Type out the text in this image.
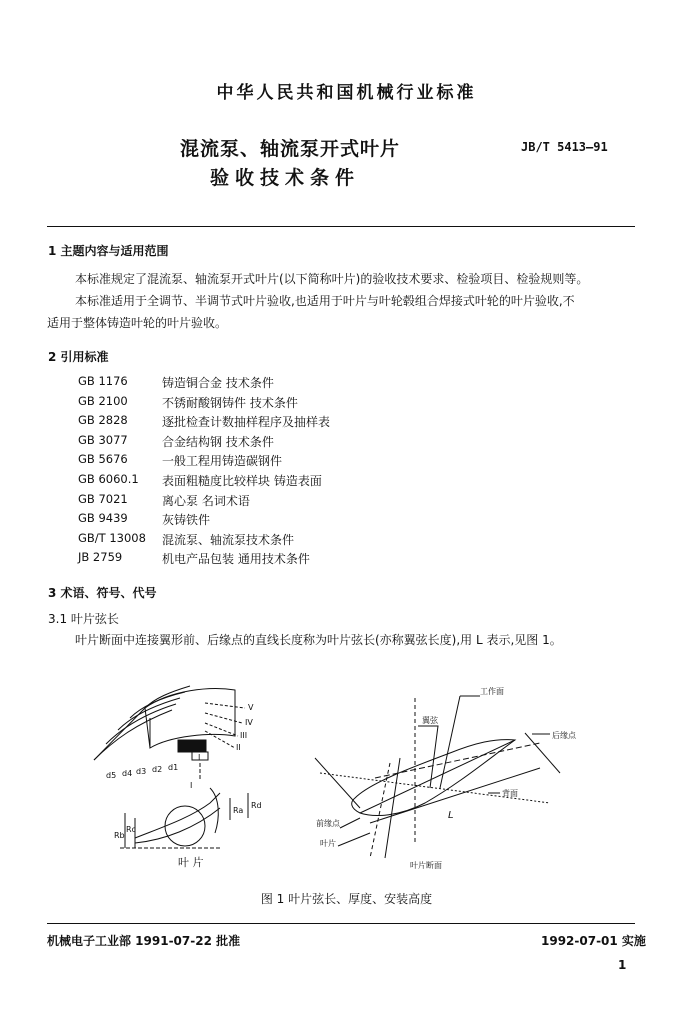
中华人民共和国机械行业标准
混流泵、轴流泵开式叶片
验收技术条件
JB/T 5413—91
1 主题内容与适用范围
本标准规定了混流泵、轴流泵开式叶片(以下简称叶片)的验收技术要求、检验项目、检验规则等。
本标准适用于全调节、半调节式叶片验收,也适用于叶片与叶轮毂组合焊接式叶轮的叶片验收,不
适用于整体铸造叶轮的叶片验收。
2 引用标准
GB 1176	铸造铜合金 技术条件
GB 2100	不锈耐酸钢铸件 技术条件
GB 2828	逐批检查计数抽样程序及抽样表
GB 3077	合金结构钢 技术条件
GB 5676	一般工程用铸造碳钢件
GB 6060.1 表面粗糙度比较样块 铸造表面
GB 7021	离心泵 名词术语
GB 9439	灰铸铁件
GB/T 13008 混流泵、轴流泵技术条件
JB 2759	机电产品包装 通用技术条件
3 术语、符号、代号
3.1 叶片弦长
叶片断面中连接翼形前、后缘点的直线长度称为叶片弦长(亦称翼弦长度),用 L 表示,见图 1。
d5 d4 d3 d2 d1
I
I
V
IV
III
II
Rb
Rc
Ra
Rd
工作面
翼弦
后缘点
背面
前缘点
叶片
叶片断面
L
叶 片
图 1 叶片弦长、厚度、安装高度
机械电子工业部 1991-07-22 批准	1992-07-01 实施
1
